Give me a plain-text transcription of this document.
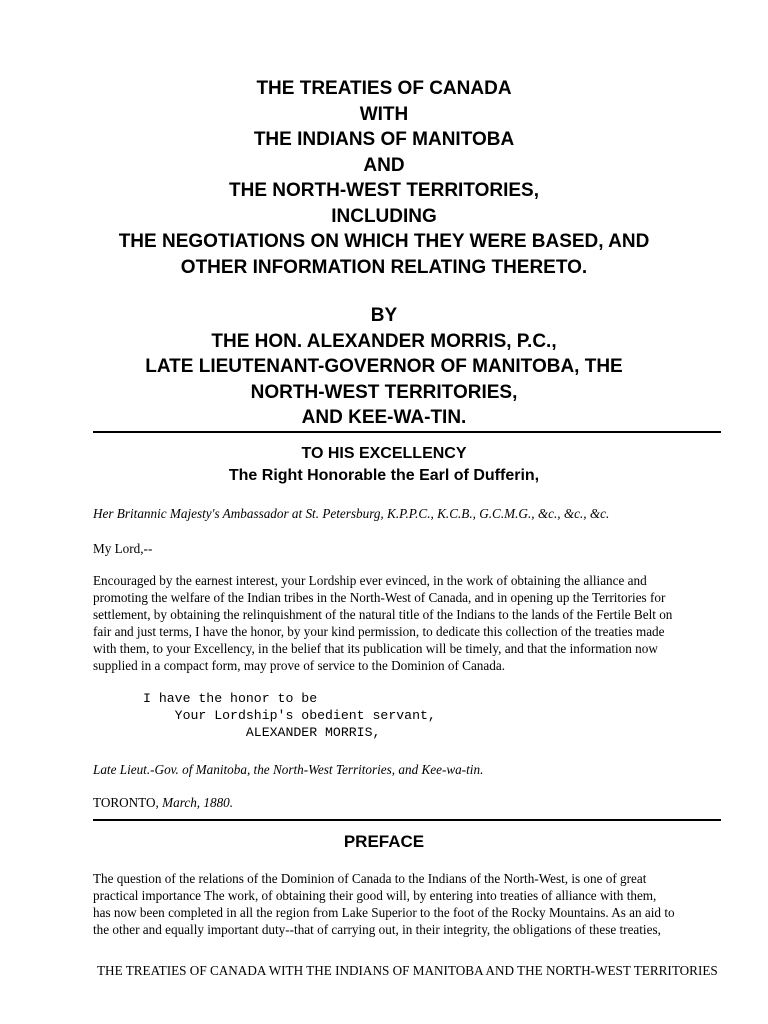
THE TREATIES OF CANADA
WITH
THE INDIANS OF MANITOBA
AND
THE NORTH-WEST TERRITORIES,
INCLUDING
THE NEGOTIATIONS ON WHICH THEY WERE BASED, AND
OTHER INFORMATION RELATING THERETO.
BY
THE HON. ALEXANDER MORRIS, P.C.,
LATE LIEUTENANT-GOVERNOR OF MANITOBA, THE
NORTH-WEST TERRITORIES,
AND KEE-WA-TIN.
TO HIS EXCELLENCY
The Right Honorable the Earl of Dufferin,

Her Britannic Majesty's Ambassador at St. Petersburg, K.P.P.C., K.C.B., G.C.M.G., &c., &c., &c.

My Lord,--

Encouraged by the earnest interest, your Lordship ever evinced, in the work of obtaining the alliance and
promoting the welfare of the Indian tribes in the North-West of Canada, and in opening up the Territories for
settlement, by obtaining the relinquishment of the natural title of the Indians to the lands of the Fertile Belt on
fair and just terms, I have the honor, by your kind permission, to dedicate this collection of the treaties made
with them, to your Excellency, in the belief that its publication will be timely, and that the information now
supplied in a compact form, may prove of service to the Dominion of Canada.
I have the honor to be
Your Lordship's obedient servant,
ALEXANDER MORRIS,

Late Lieut.-Gov. of Manitoba, the North-West Territories, and Kee-wa-tin.

TORONTO, March, 1880.

PREFACE
The question of the relations of the Dominion of Canada to the Indians of the North-West, is one of great
practical importance The work, of obtaining their good will, by entering into treaties of alliance with them,
has now been completed in all the region from Lake Superior to the foot of the Rocky Mountains. As an aid to
the other and equally important duty--that of carrying out, in their integrity, the obligations of these treaties,
THE TREATIES OF CANADA WITH THE INDIANS OF MANITOBA AND THE NORTH-WEST TERRITORIES
